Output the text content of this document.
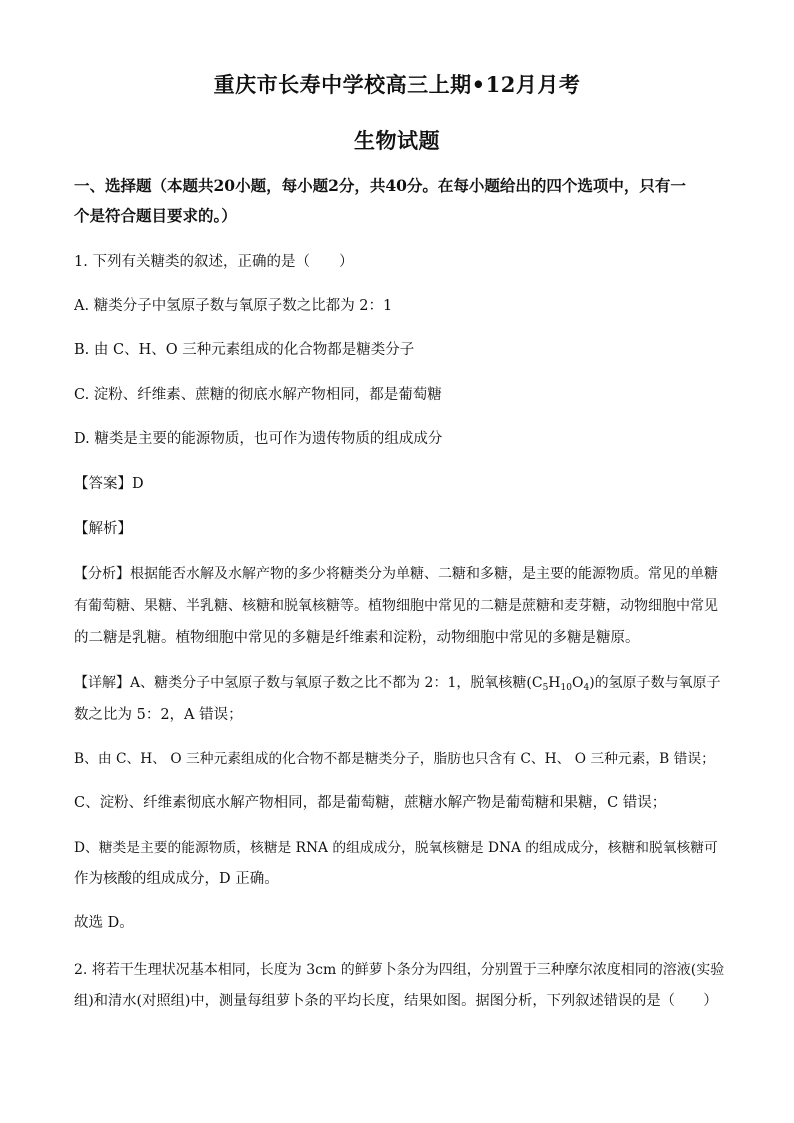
重庆市长寿中学校高三上期•12月月考
生物试题
一、选择题（本题共20小题，每小题2分，共40分。在每小题给出的四个选项中，只有一
个是符合题目要求的。）
1. 下列有关糖类的叙述，正确的是（　　）
A. 糖类分子中氢原子数与氧原子数之比都为 2：1
B. 由 C、H、O 三种元素组成的化合物都是糖类分子
C. 淀粉、纤维素、蔗糖的彻底水解产物相同，都是葡萄糖
D. 糖类是主要的能源物质，也可作为遗传物质的组成成分
【答案】D
【解析】
【分析】根据能否水解及水解产物的多少将糖类分为单糖、二糖和多糖，是主要的能源物质。常见的单糖
有葡萄糖、果糖、半乳糖、核糖和脱氧核糖等。植物细胞中常见的二糖是蔗糖和麦芽糖，动物细胞中常见
的二糖是乳糖。植物细胞中常见的多糖是纤维素和淀粉，动物细胞中常见的多糖是糖原。
【详解】A、糖类分子中氢原子数与氧原子数之比不都为 2：1，脱氧核糖$(C_5H_{10}O_4)$的氢原子数与氧原子
数之比为 5：2，A 错误；
B、由 C、H、 O 三种元素组成的化合物不都是糖类分子，脂肪也只含有 C、H、 O 三种元素，B 错误；
C、淀粉、纤维素彻底水解产物相同，都是葡萄糖，蔗糖水解产物是葡萄糖和果糖，C 错误；
D、糖类是主要的能源物质，核糖是 RNA 的组成成分，脱氧核糖是 DNA 的组成成分，核糖和脱氧核糖可
作为核酸的组成成分，D 正确。
故选 D。
2. 将若干生理状况基本相同，长度为 3cm 的鲜萝卜条分为四组，分别置于三种摩尔浓度相同的溶液(实验
组)和清水(对照组)中，测量每组萝卜条的平均长度，结果如图。据图分析，下列叙述错误的是（　　）
